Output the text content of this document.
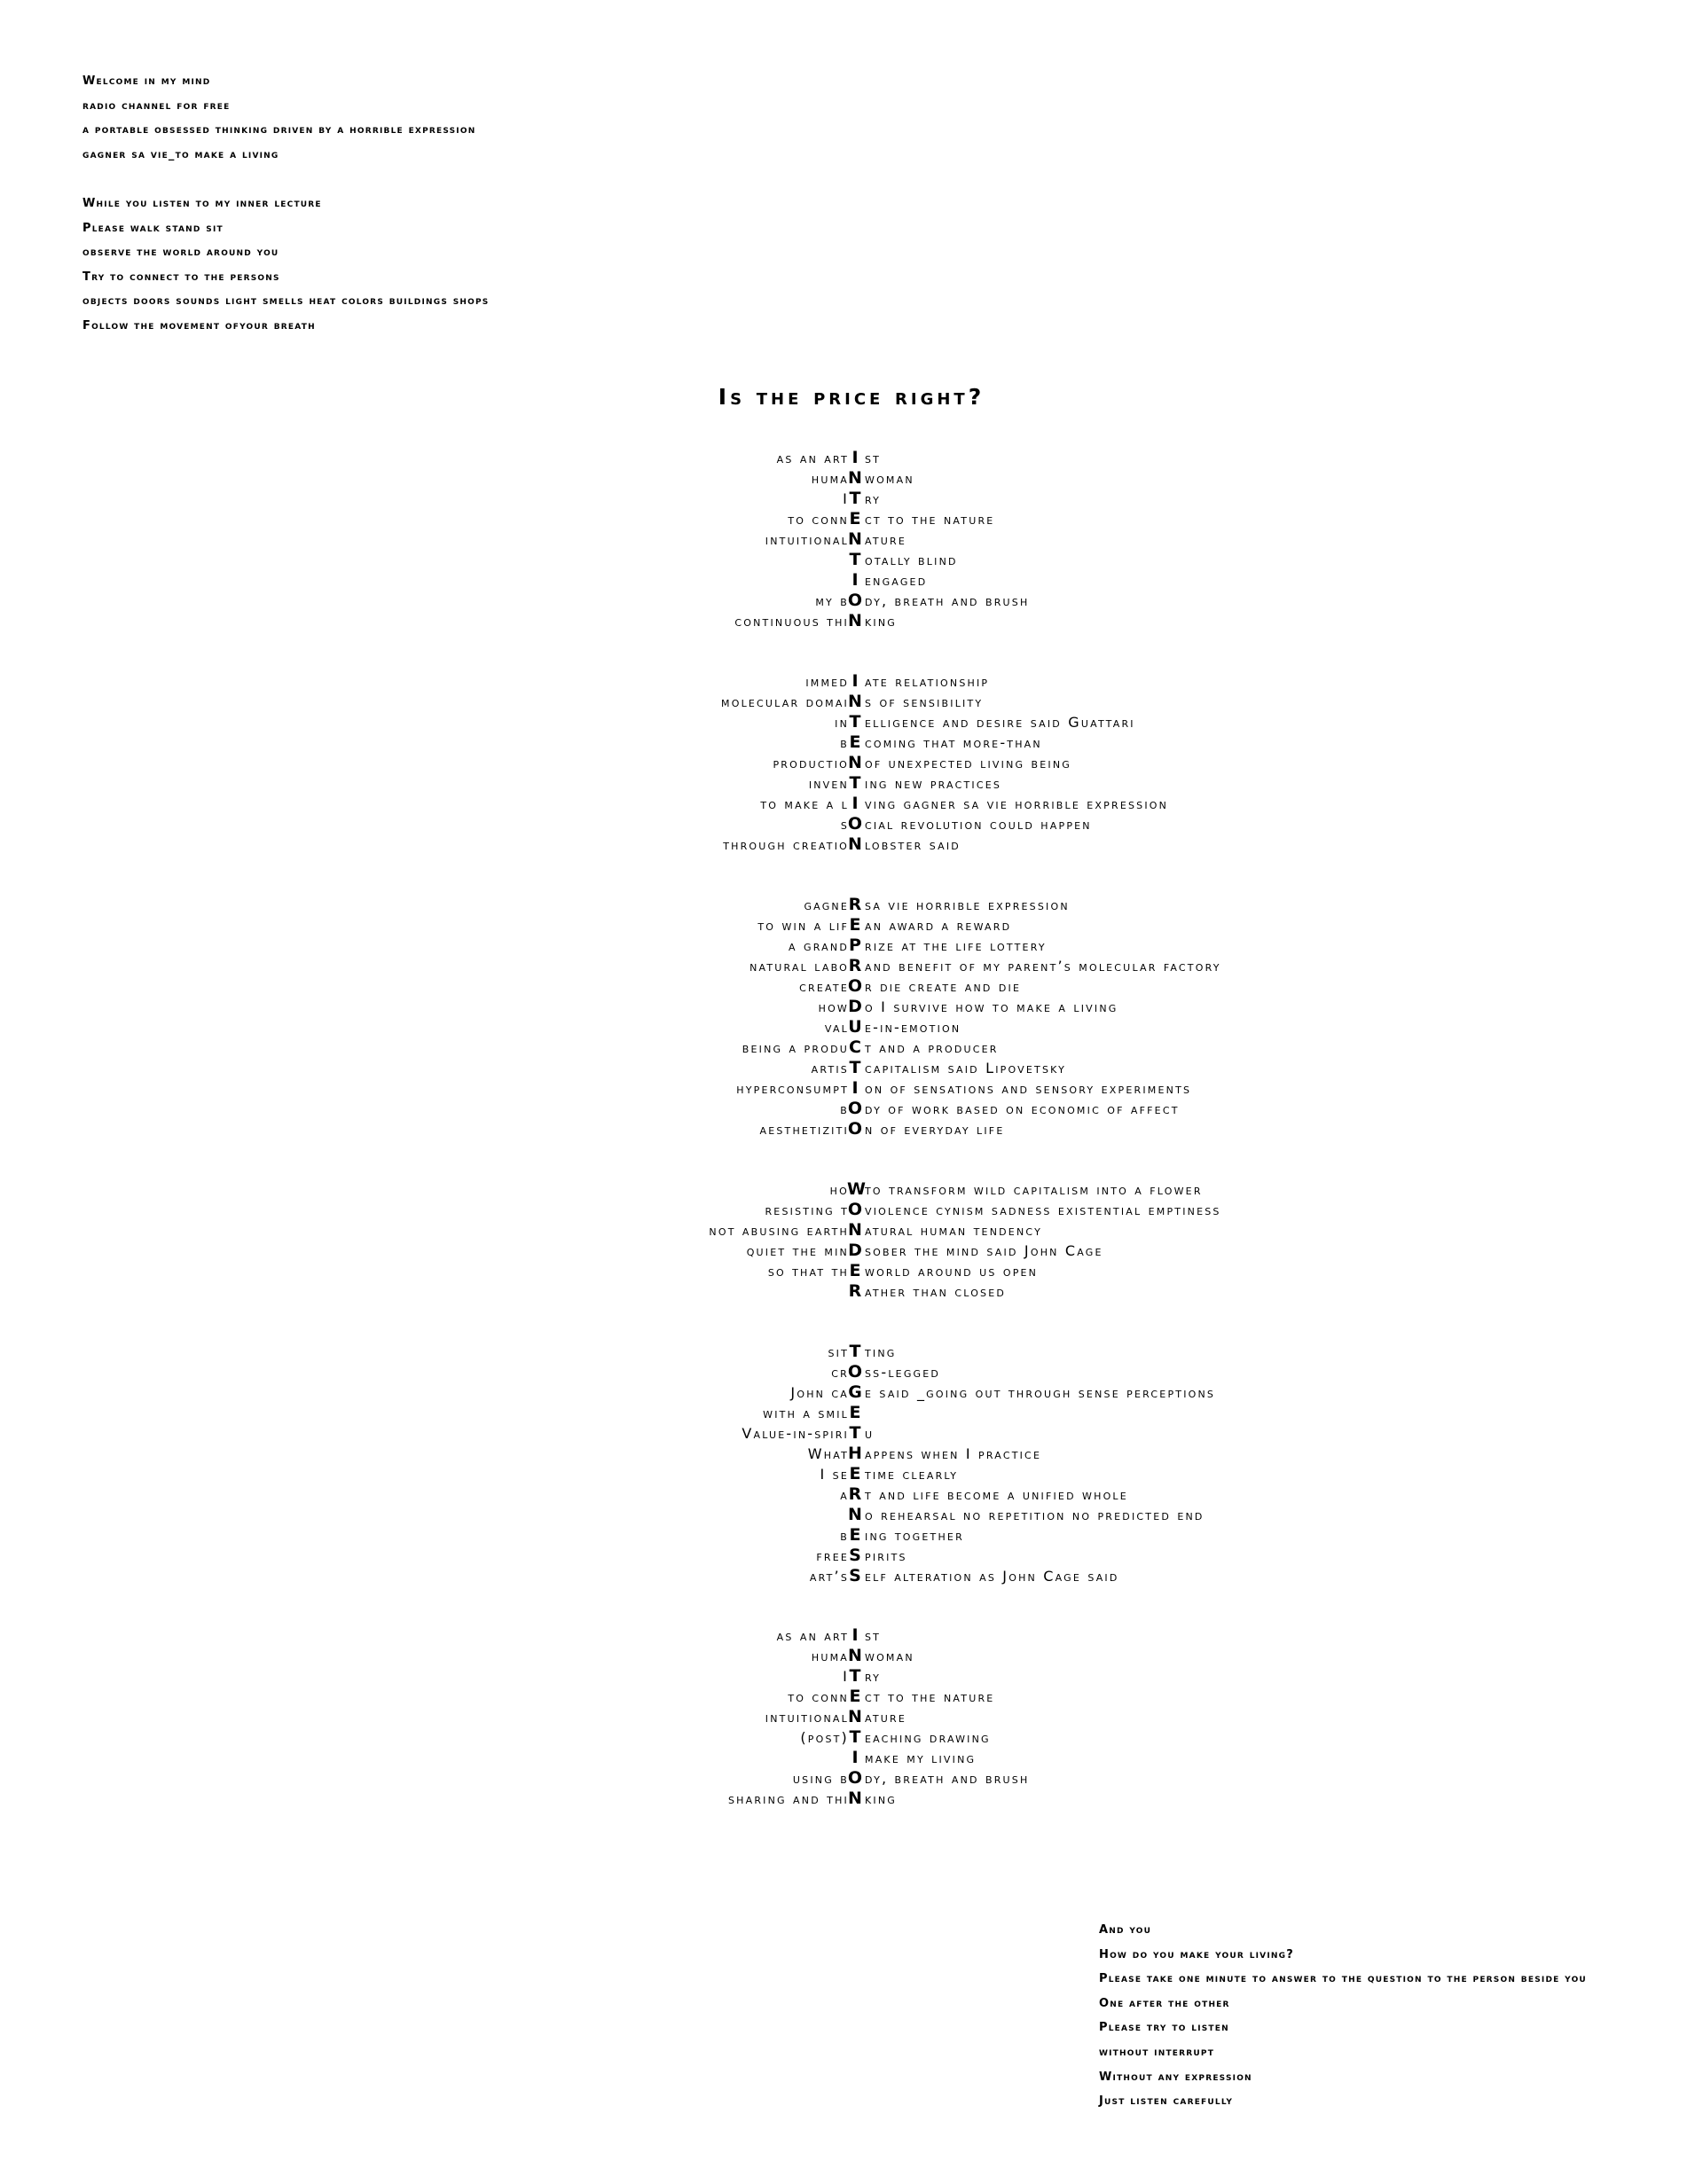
Welcome in my mind
radio channel for free
a portable obsessed thinking driven by a horrible expression
gagner sa vie_to make a living
While you listen to my inner lecture
Please walk stand sit
observe the world around you
Try to connect to the persons
objects doors sounds light smells heat colors buildings shops
Follow the movement ofyour breath
Is the price right?
as an art I st
huma N woman
I T ry
to conn E ct to the nature
intuitional N ature
T otally blind
I engaged
my b
O dy, breath and brush
continuous thi N king
immed I ate relationship
molecular domai N s of sensibility
in T elligence and desire said Guattari
b E coming that more-than
productio N of unexpected living being
inven T ing new practices
to make a l I ving gagner sa vie horrible expression
s
O cial revolution could happen
through creatio N lobster said
gagne R sa vie horrible expression
to win a lif E an award a reward
a grand P rize at the life lottery
natural labo R and benefit of my parent’s molecular factory
create
O r die create and die
how D o I survive how to make a living
val U e-in-emotion
being a produ C t and a producer
artis T capitalism said Lipovetsky
hyperconsumpt I on of sensations and sensory experiments
b
O dy of work based on economic of affect
aesthetiziti
O n of everyday life
ho
W to transform wild capitalism into a flower
resisting t
O violence cynism sadness existential emptiness
not abusing earth N atural human tendency
quiet the min D sober the mind said John Cage
so that th E world around us open
R ather than closed
sit T ting
cr
O ss-legged
John ca G e said _going out through sense perceptions
with a smil E
Value-in-spiri T u
What H appens when I practice
I se E time clearly
a R t and life become a unified whole
N o rehearsal no repetition no predicted end
b E ing together
free S pirits
art’s S elf alteration as John Cage said
as an art I st
huma N woman
I T ry
to conn E ct to the nature
intuitional N ature
(post) T eaching drawing
I make my living
using b
O dy, breath and brush
sharing and thi N king
And you
How do you make your living?
Please take one minute to answer to the question to the person beside you
One after the other
Please try to listen
without interrupt
Without any expression
Just listen carefully
